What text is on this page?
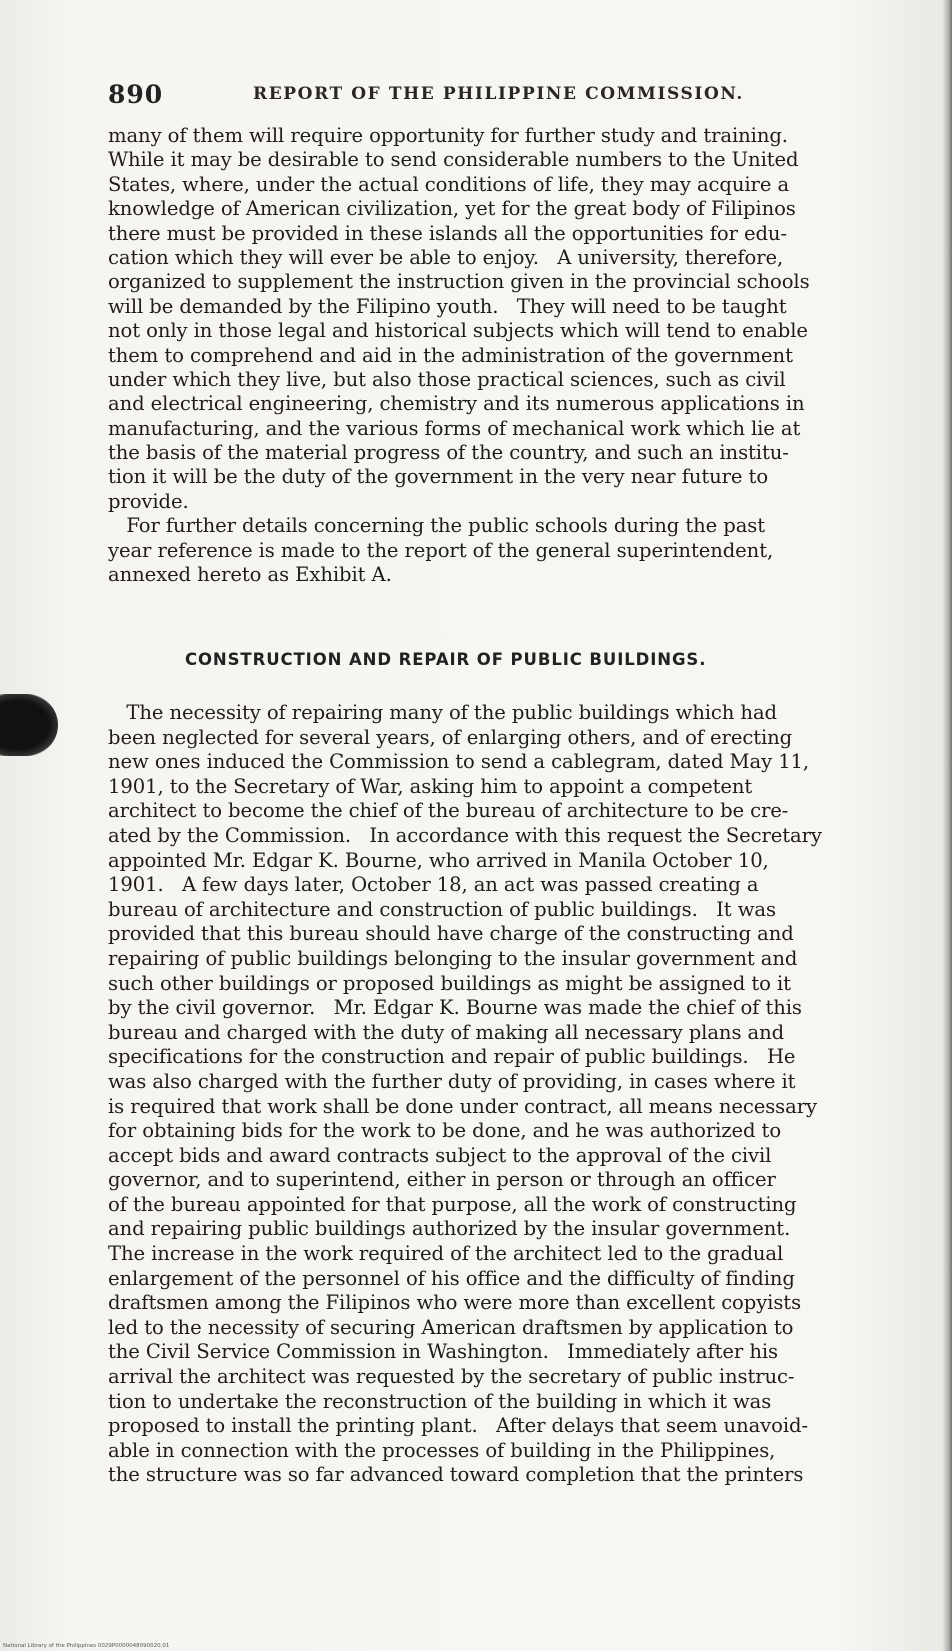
890	REPORT OF THE PHILIPPINE COMMISSION.
many of them will require opportunity for further study and training.
While it may be desirable to send considerable numbers to the United
States, where, under the actual conditions of life, they may acquire a
knowledge of American civilization, yet for the great body of Filipinos
there must be provided in these islands all the opportunities for edu-
cation which they will ever be able to enjoy.   A university, therefore,
organized to supplement the instruction given in the provincial schools
will be demanded by the Filipino youth.   They will need to be taught
not only in those legal and historical subjects which will tend to enable
them to comprehend and aid in the administration of the government
under which they live, but also those practical sciences, such as civil
and electrical engineering, chemistry and its numerous applications in
manufacturing, and the various forms of mechanical work which lie at
the basis of the material progress of the country, and such an institu-
tion it will be the duty of the government in the very near future to
provide.
For further details concerning the public schools during the past
year reference is made to the report of the general superintendent,
annexed hereto as Exhibit A.
CONSTRUCTION AND REPAIR OF PUBLIC BUILDINGS.
The necessity of repairing many of the public buildings which had
been neglected for several years, of enlarging others, and of erecting
new ones induced the Commission to send a cablegram, dated May 11,
1901, to the Secretary of War, asking him to appoint a competent
architect to become the chief of the bureau of architecture to be cre-
ated by the Commission.   In accordance with this request the Secretary
appointed Mr. Edgar K. Bourne, who arrived in Manila October 10,
1901.   A few days later, October 18, an act was passed creating a
bureau of architecture and construction of public buildings.   It was
provided that this bureau should have charge of the constructing and
repairing of public buildings belonging to the insular government and
such other buildings or proposed buildings as might be assigned to it
by the civil governor.   Mr. Edgar K. Bourne was made the chief of this
bureau and charged with the duty of making all necessary plans and
specifications for the construction and repair of public buildings.   He
was also charged with the further duty of providing, in cases where it
is required that work shall be done under contract, all means necessary
for obtaining bids for the work to be done, and he was authorized to
accept bids and award contracts subject to the approval of the civil
governor, and to superintend, either in person or through an officer
of the bureau appointed for that purpose, all the work of constructing
and repairing public buildings authorized by the insular government.
The increase in the work required of the architect led to the gradual
enlargement of the personnel of his office and the difficulty of finding
draftsmen among the Filipinos who were more than excellent copyists
led to the necessity of securing American draftsmen by application to
the Civil Service Commission in Washington.   Immediately after his
arrival the architect was requested by the secretary of public instruc-
tion to undertake the reconstruction of the building in which it was
proposed to install the printing plant.   After delays that seem unavoid-
able in connection with the processes of building in the Philippines,
the structure was so far advanced toward completion that the printers
National Library of the Philippines 0029P0000048090020.01
